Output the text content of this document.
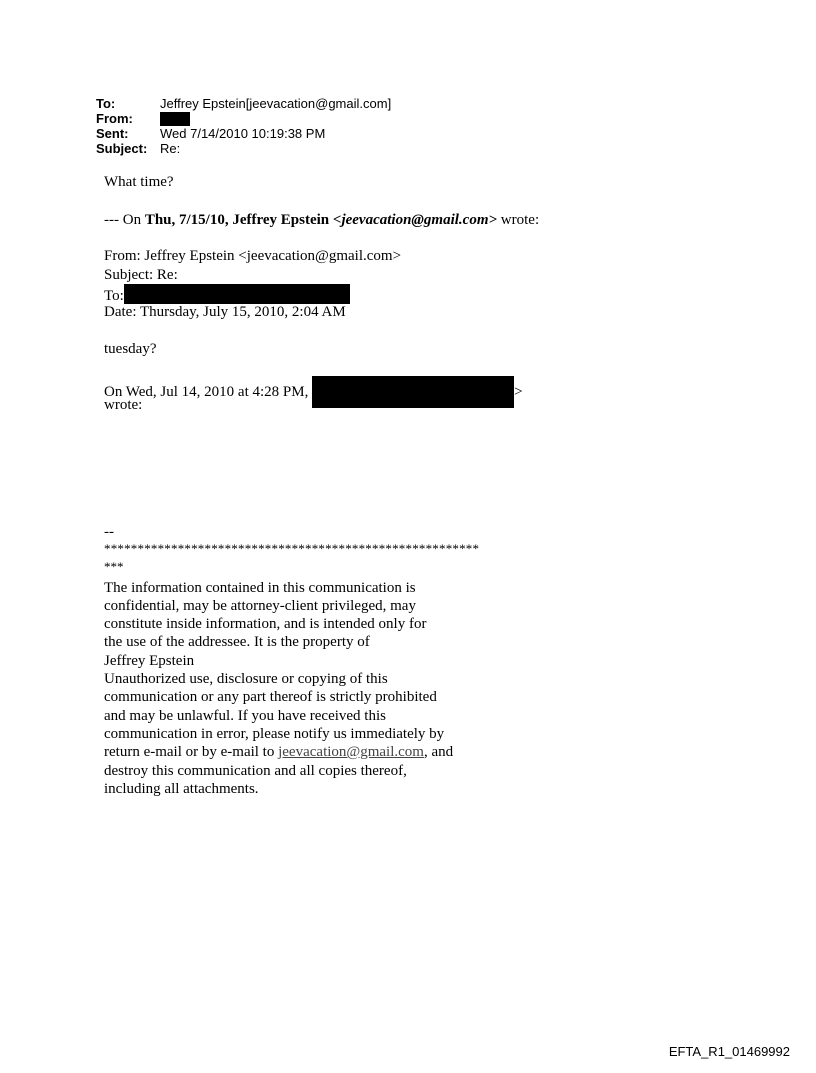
To:	Jeffrey Epstein[jeevacation@gmail.com]
From:
Sent:	Wed 7/14/2010 10:19:38 PM
Subject: Re:
What time?
--- On Thu, 7/15/10, Jeffrey Epstein <jeevacation@gmail.com> wrote:
From: Jeffrey Epstein <jeevacation@gmail.com>
Subject: Re:
To:
Date: Thursday, July 15, 2010, 2:04 AM
tuesday?
On Wed, Jul 14, 2010 at 4:28 PM,	>
wrote:
--
********************************************************
***
The information contained in this communication is
confidential, may be attorney-client privileged, may
constitute inside information, and is intended only for
the use of the addressee. It is the property of
Jeffrey Epstein
Unauthorized use, disclosure or copying of this
communication or any part thereof is strictly prohibited
and may be unlawful. If you have received this
communication in error, please notify us immediately by
return e-mail or by e-mail to jeevacation@gmail.com, and
destroy this communication and all copies thereof,
including all attachments.
EFTA_R1_01469992
